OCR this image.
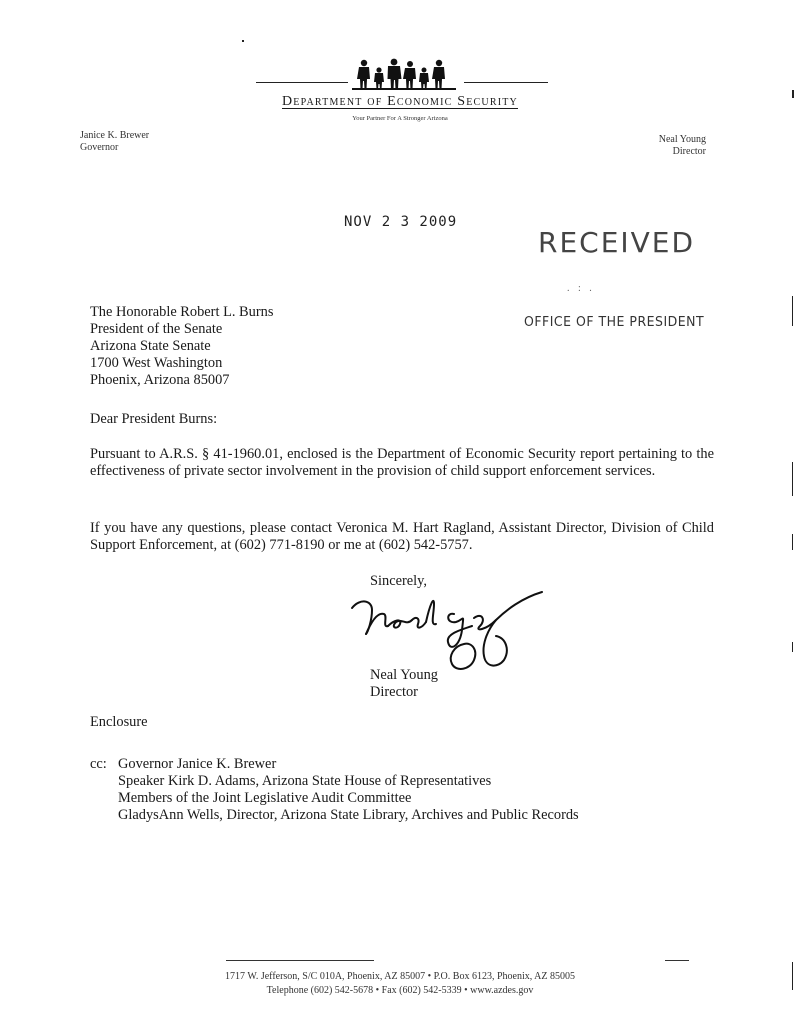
Department of Economic Security
Your Partner For A Stronger Arizona
Janice K. Brewer
Governor
Neal Young
Director
NOV 2 3 2009
RECEIVED
. : .
OFFICE OF THE PRESIDENT
The Honorable Robert L. Burns
President of the Senate
Arizona State Senate
1700 West Washington
Phoenix, Arizona 85007
Dear President Burns:
Pursuant to A.R.S. § 41-1960.01, enclosed is the Department of Economic Security report pertaining to the effectiveness of private sector involvement in the provision of child support enforcement services.
If you have any questions, please contact Veronica M. Hart Ragland, Assistant Director, Division of Child Support Enforcement, at (602) 771-8190 or me at (602) 542-5757.
Sincerely,
Neal Young
Director
Enclosure
cc: Governor Janice K. Brewer
Speaker Kirk D. Adams, Arizona State House of Representatives
Members of the Joint Legislative Audit Committee
GladysAnn Wells, Director, Arizona State Library, Archives and Public Records
1717 W. Jefferson, S/C 010A, Phoenix, AZ 85007 • P.O. Box 6123, Phoenix, AZ 85005
Telephone (602) 542-5678 • Fax (602) 542-5339 • www.azdes.gov
